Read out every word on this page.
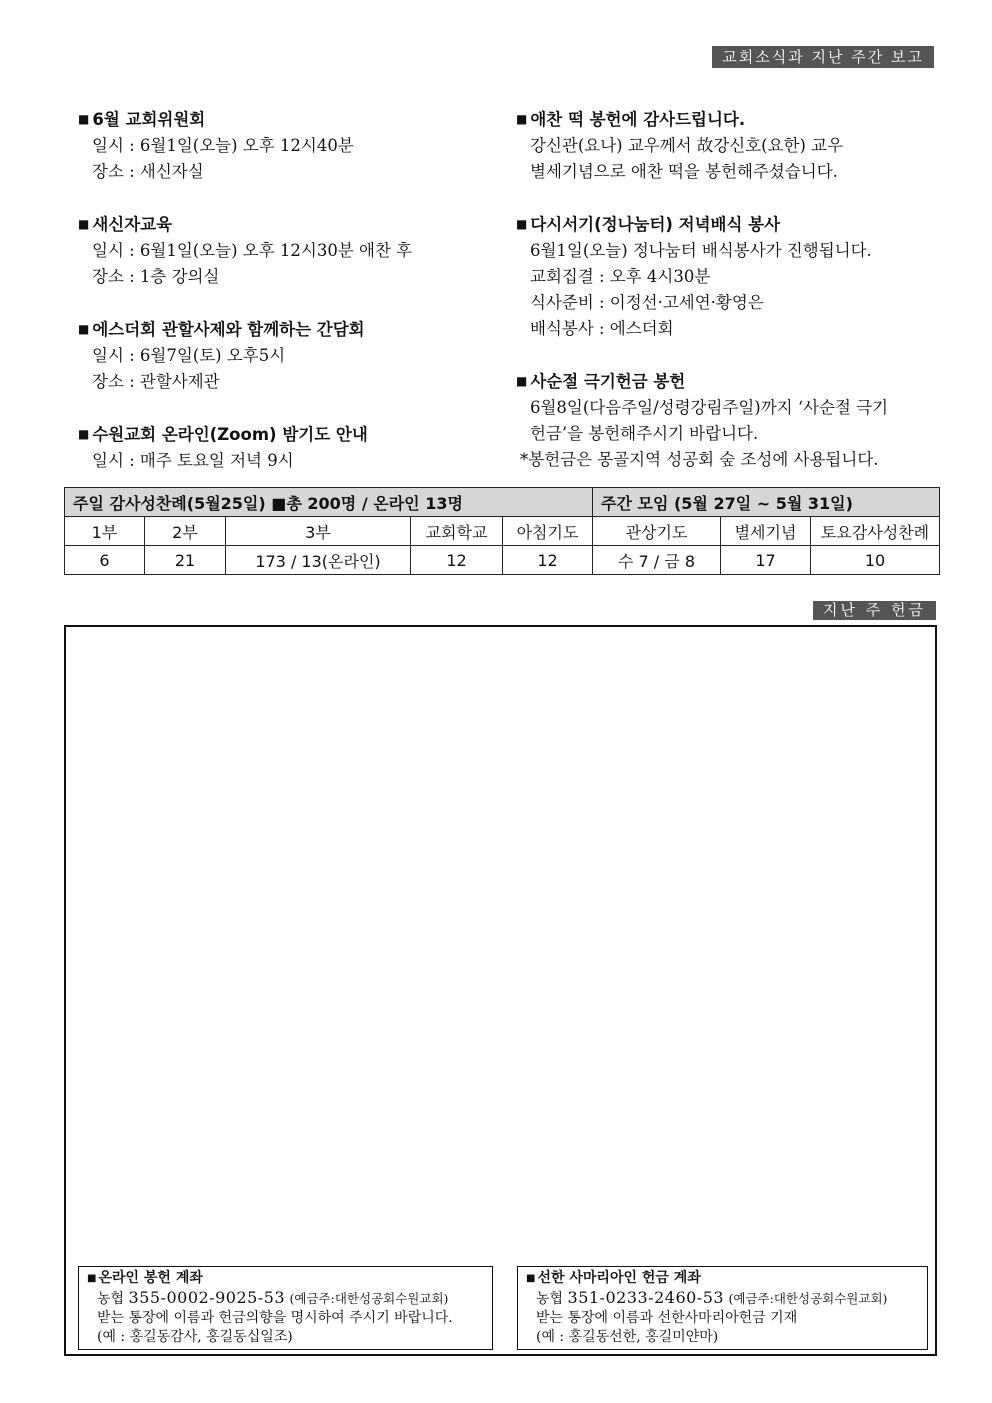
교회소식과 지난 주간 보고
■ 6월 교회위원회
일시 : 6월1일(오늘) 오후 12시40분
장소 : 새신자실
■ 새신자교육
일시 : 6월1일(오늘) 오후 12시30분 애찬 후
장소 : 1층 강의실
■ 에스더회 관할사제와 함께하는 간담회
일시 : 6월7일(토) 오후5시
장소 : 관할사제관
■ 수원교회 온라인(Zoom) 밤기도 안내
일시 : 매주 토요일 저녁 9시
■ 애찬 떡 봉헌에 감사드립니다.
강신관(요나) 교우께서 故강신호(요한) 교우
별세기념으로 애찬 떡을 봉헌해주셨습니다.
■ 다시서기(정나눔터) 저녁배식 봉사
6월1일(오늘) 정나눔터 배식봉사가 진행됩니다.
교회집결 : 오후 4시30분
식사준비 : 이정선·고세연·황영은
배식봉사 : 에스더회
■ 사순절 극기헌금 봉헌
6월8일(다음주일/성령강림주일)까지 ‘사순절 극기
헌금’을 봉헌해주시기 바랍니다.
*봉헌금은 몽골지역 성공회 숲 조성에 사용됩니다.
주일 감사성찬례(5월25일) ■총 200명 / 온라인 13명					주간 모임 (5월 27일 ~ 5월 31일)		
1부	2부	3부	교회학교	아침기도	관상기도	별세기념	토요감사성찬례
6	21	173 / 13(온라인)	12	12	수 7 / 금 8	17	10
지난 주 헌금
■ 온라인 봉헌 계좌
농협 355-0002-9025-53 (예금주:대한성공회수원교회)
받는 통장에 이름과 헌금의향을 명시하여 주시기 바랍니다.
(예 : 홍길동감사, 홍길동십일조)
■ 선한 사마리아인 헌금 계좌
농협 351-0233-2460-53 (예금주:대한성공회수원교회)
받는 통장에 이름과 선한사마리아헌금 기재
(예 : 홍길동선한, 홍길미얀마)
